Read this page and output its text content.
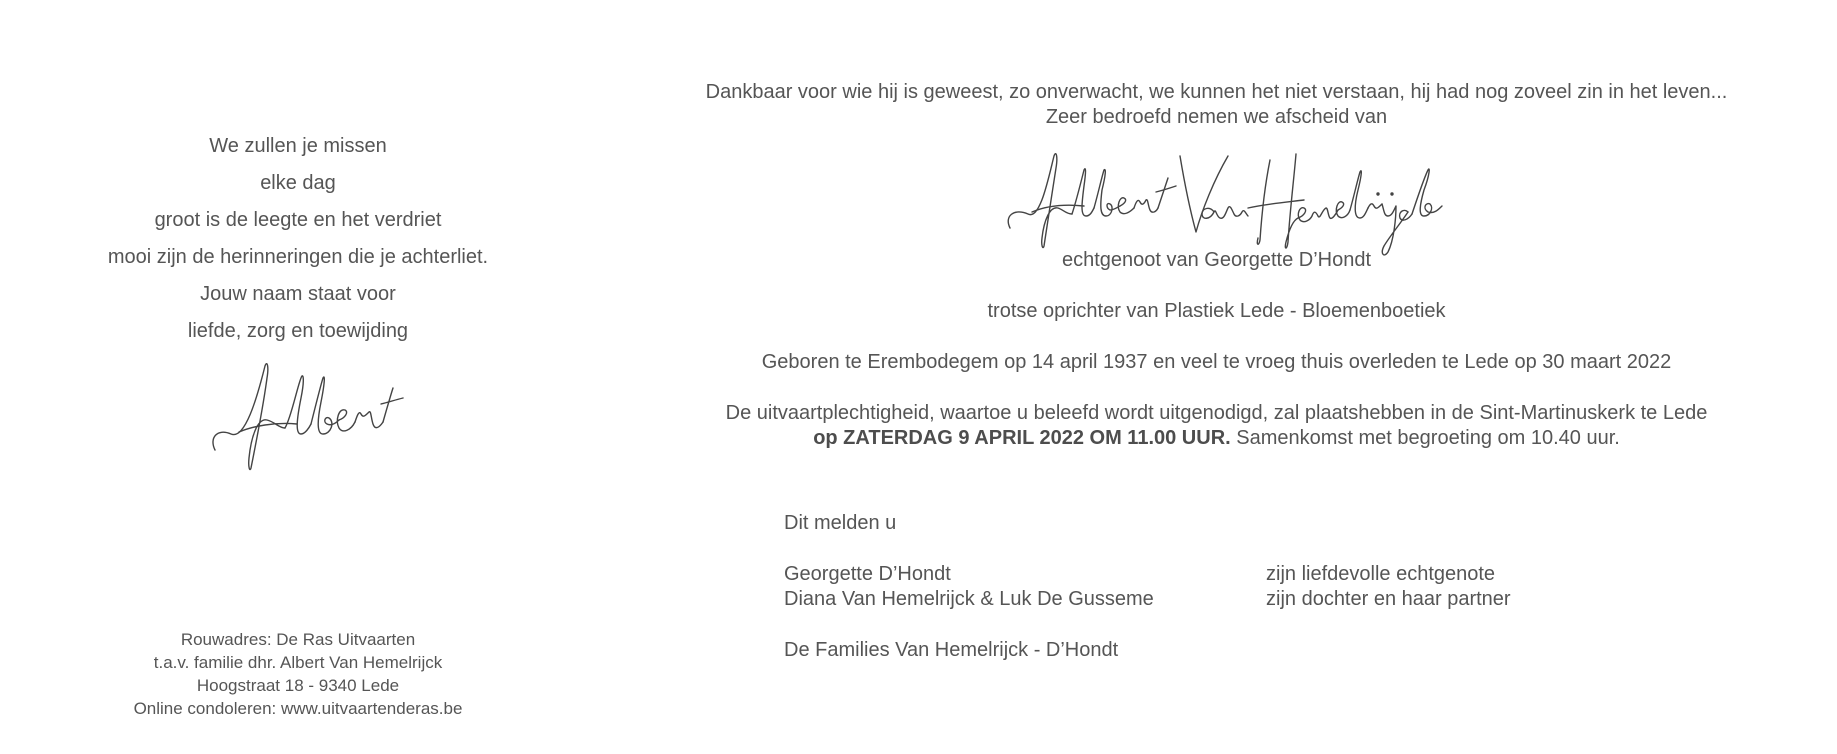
We zullen je missen
elke dag
groot is de leegte en het verdriet
mooi zijn de herinneringen die je achterliet.
Jouw naam staat voor
liefde, zorg en toewijding
Rouwadres: De Ras Uitvaarten
t.a.v. familie dhr. Albert Van Hemelrijck
Hoogstraat 18 - 9340 Lede
Online condoleren: www.uitvaartenderas.be
Dankbaar voor wie hij is geweest, zo onverwacht, we kunnen het niet verstaan, hij had nog zoveel zin in het leven...
Zeer bedroefd nemen we afscheid van
echtgenoot van Georgette D’Hondt
trotse oprichter van Plastiek Lede - Bloemenboetiek
Geboren te Erembodegem op 14 april 1937 en veel te vroeg thuis overleden te Lede op 30 maart 2022
De uitvaartplechtigheid, waartoe u beleefd wordt uitgenodigd, zal plaatshebben in de Sint-Martinuskerk te Lede
op ZATERDAG 9 APRIL 2022 OM 11.00 UUR. Samenkomst met begroeting om 10.40 uur.
Dit melden u
Georgette D’Hondt	zijn liefdevolle echtgenote
Diana Van Hemelrijck & Luk De Gusseme	zijn dochter en haar partner
De Families Van Hemelrijck - D’Hondt
